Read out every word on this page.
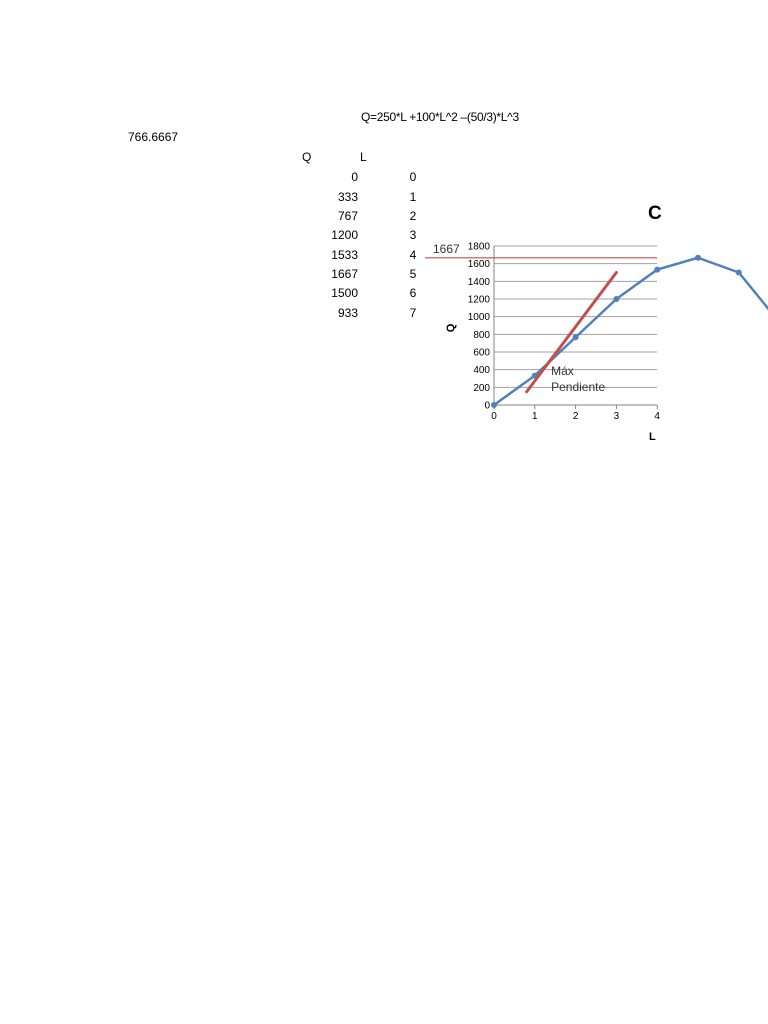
Q=250*L +100*L^2 –(50/3)*L^3
766.6667
Q	L
0	0
333	1
767	2
1200	3
1533	4
1667	5
1500	6
933	7
0
200
400
600
800
1000
1200
1400
1600
1800
0	1	2	3	4
1667
Máx
Pendiente
Q
L
C
